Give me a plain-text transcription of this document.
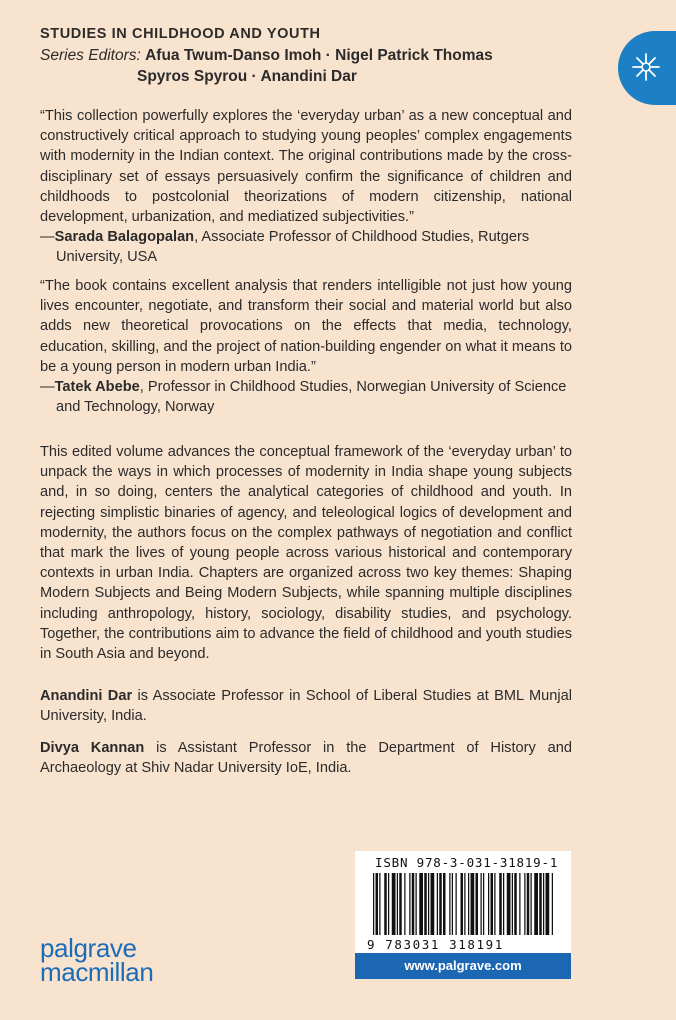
STUDIES IN CHILDHOOD AND YOUTH
Series Editors: Afua Twum-Danso Imoh · Nigel Patrick Thomas
Spyros Spyrou · Anandini Dar

“This collection powerfully explores the ‘everyday urban’ as a new conceptual and constructively critical approach to studying young peoples’ complex engagements with modernity in the Indian context. The original contributions made by the cross-disciplinary set of essays persuasively confirm the significance of children and childhoods to postcolonial theorizations of modern citizenship, national development, urbanization, and mediatized subjectivities.”

—Sarada Balagopalan, Associate Professor of Childhood Studies, Rutgers University, USA

“The book contains excellent analysis that renders intelligible not just how young lives encounter, negotiate, and transform their social and material world but also adds new theoretical provocations on the effects that media, technology, education, skilling, and the project of nation-building engender on what it means to be a young person in modern urban India.”

—Tatek Abebe, Professor in Childhood Studies, Norwegian University of Science and Technology, Norway

This edited volume advances the conceptual framework of the ‘everyday urban’ to unpack the ways in which processes of modernity in India shape young subjects and, in so doing, centers the analytical categories of childhood and youth. In rejecting simplistic binaries of agency, and teleological logics of development and modernity, the authors focus on the complex pathways of negotiation and conflict that mark the lives of young people across various historical and contemporary contexts in urban India. Chapters are organized across two key themes: Shaping Modern Subjects and Being Modern Subjects, while spanning multiple disciplines including anthropology, history, sociology, disability studies, and psychology. Together, the contributions aim to advance the field of childhood and youth studies in South Asia and beyond.

Anandini Dar is Associate Professor in School of Liberal Studies at BML Munjal University, India.

Divya Kannan is Assistant Professor in the Department of History and Archaeology at Shiv Nadar University IoE, India.

ISBN 978-3-031-31819-1
9 783031 318191
www.palgrave.com
palgrave
macmillan
